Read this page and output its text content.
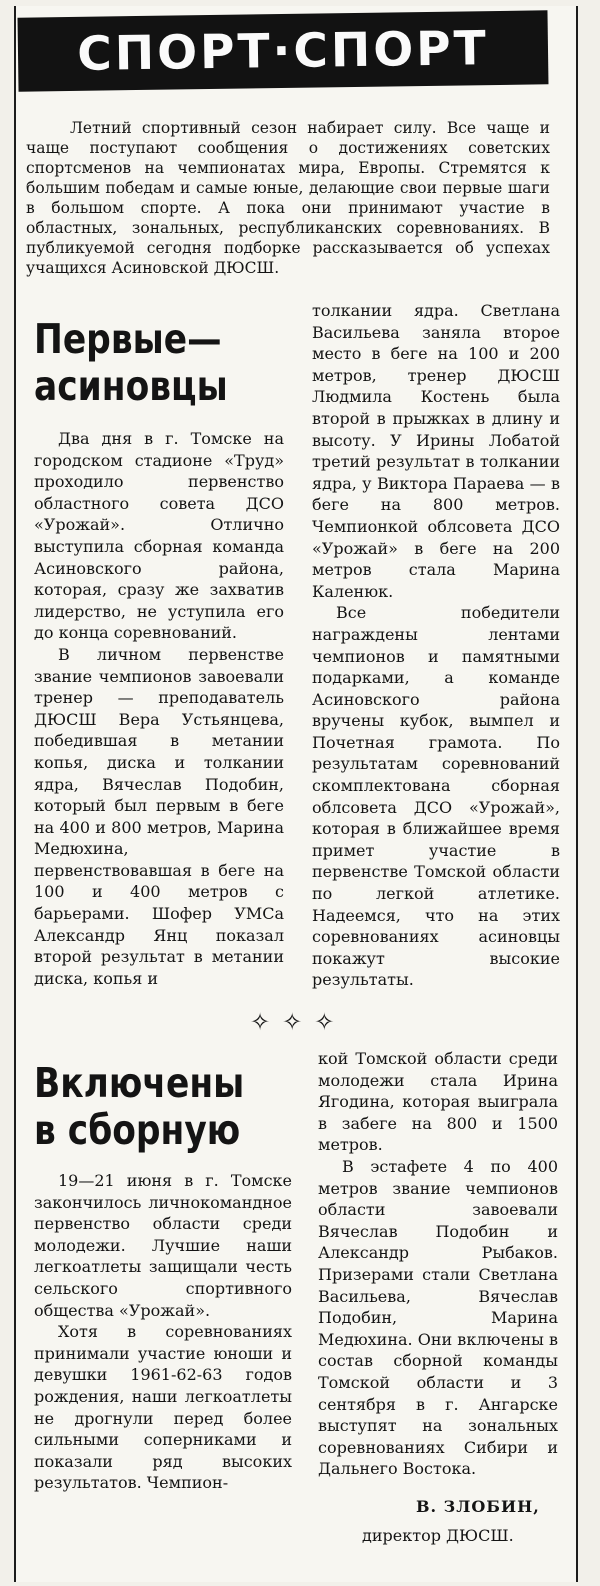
СПОРТ·СПОРТ

Летний спортивный сезон набирает силу. Все чаще и чаще поступают сообщения о достижениях советских спортсменов на чемпионатах мира, Европы. Стремятся к большим победам и самые юные, делающие свои первые шаги в большом спорте. А пока они принимают участие в областных, зональных, республиканских соревнованиях. В публикуемой сегодня подборке рассказывается об успехах учащихся Асиновской ДЮСШ.

Первые—
асиновцы

Два дня в г. Томске на городском стадионе «Труд» проходило первенство областного совета ДСО «Урожай». Отлично выступила сборная команда Асиновского района, которая, сразу же захватив лидерство, не уступила его до конца соревнований.

В личном первенстве звание чемпионов завоевали тренер — преподаватель ДЮСШ Вера Устьянцева, победившая в метании копья, диска и толкании ядра, Вячеслав Подобин, который был первым в беге на 400 и 800 метров, Марина Медюхина, первенствовавшая в беге на 100 и 400 метров с барьерами. Шофер УМСа Александр Янц показал второй результат в метании диска, копья и

толкании ядра. Светлана Васильева заняла второе место в беге на 100 и 200 метров, тренер ДЮСШ Людмила Костень была второй в прыжках в длину и высоту. У Ирины Лобатой третий результат в толкании ядра, у Виктора Параева — в беге на 800 метров. Чемпионкой облсовета ДСО «Урожай» в беге на 200 метров стала Марина Каленюк.

Все победители награждены лентами чемпионов и памятными подарками, а команде Асиновского района вручены кубок, вымпел и Почетная грамота. По результатам соревнований скомплектована сборная облсовета ДСО «Урожай», которая в ближайшее время примет участие в первенстве Томской области по легкой атлетике. Надеемся, что на этих соревнованиях асиновцы покажут высокие результаты.

✧✧✧
Включены
в сборную

19—21 июня в г. Томске закончилось личнокомандное первенство области среди молодежи. Лучшие наши легкоатлеты защищали честь сельского спортивного общества «Урожай».

Хотя в соревнованиях принимали участие юноши и девушки 1961-62-63 годов рождения, наши легкоатлеты не дрогнули перед более сильными соперниками и показали ряд высоких результатов. Чемпион-

кой Томской области среди молодежи стала Ирина Ягодина, которая выиграла в забеге на 800 и 1500 метров.

В эстафете 4 по 400 метров звание чемпионов области завоевали Вячеслав Подобин и Александр Рыбаков. Призерами стали Светлана Васильева, Вячеслав Подобин, Марина Медюхина. Они включены в состав сборной команды Томской области и 3 сентября в г. Ангарске выступят на зональных соревнованиях Сибири и Дальнего Востока.

В. ЗЛОБИН,
директор ДЮСШ.
